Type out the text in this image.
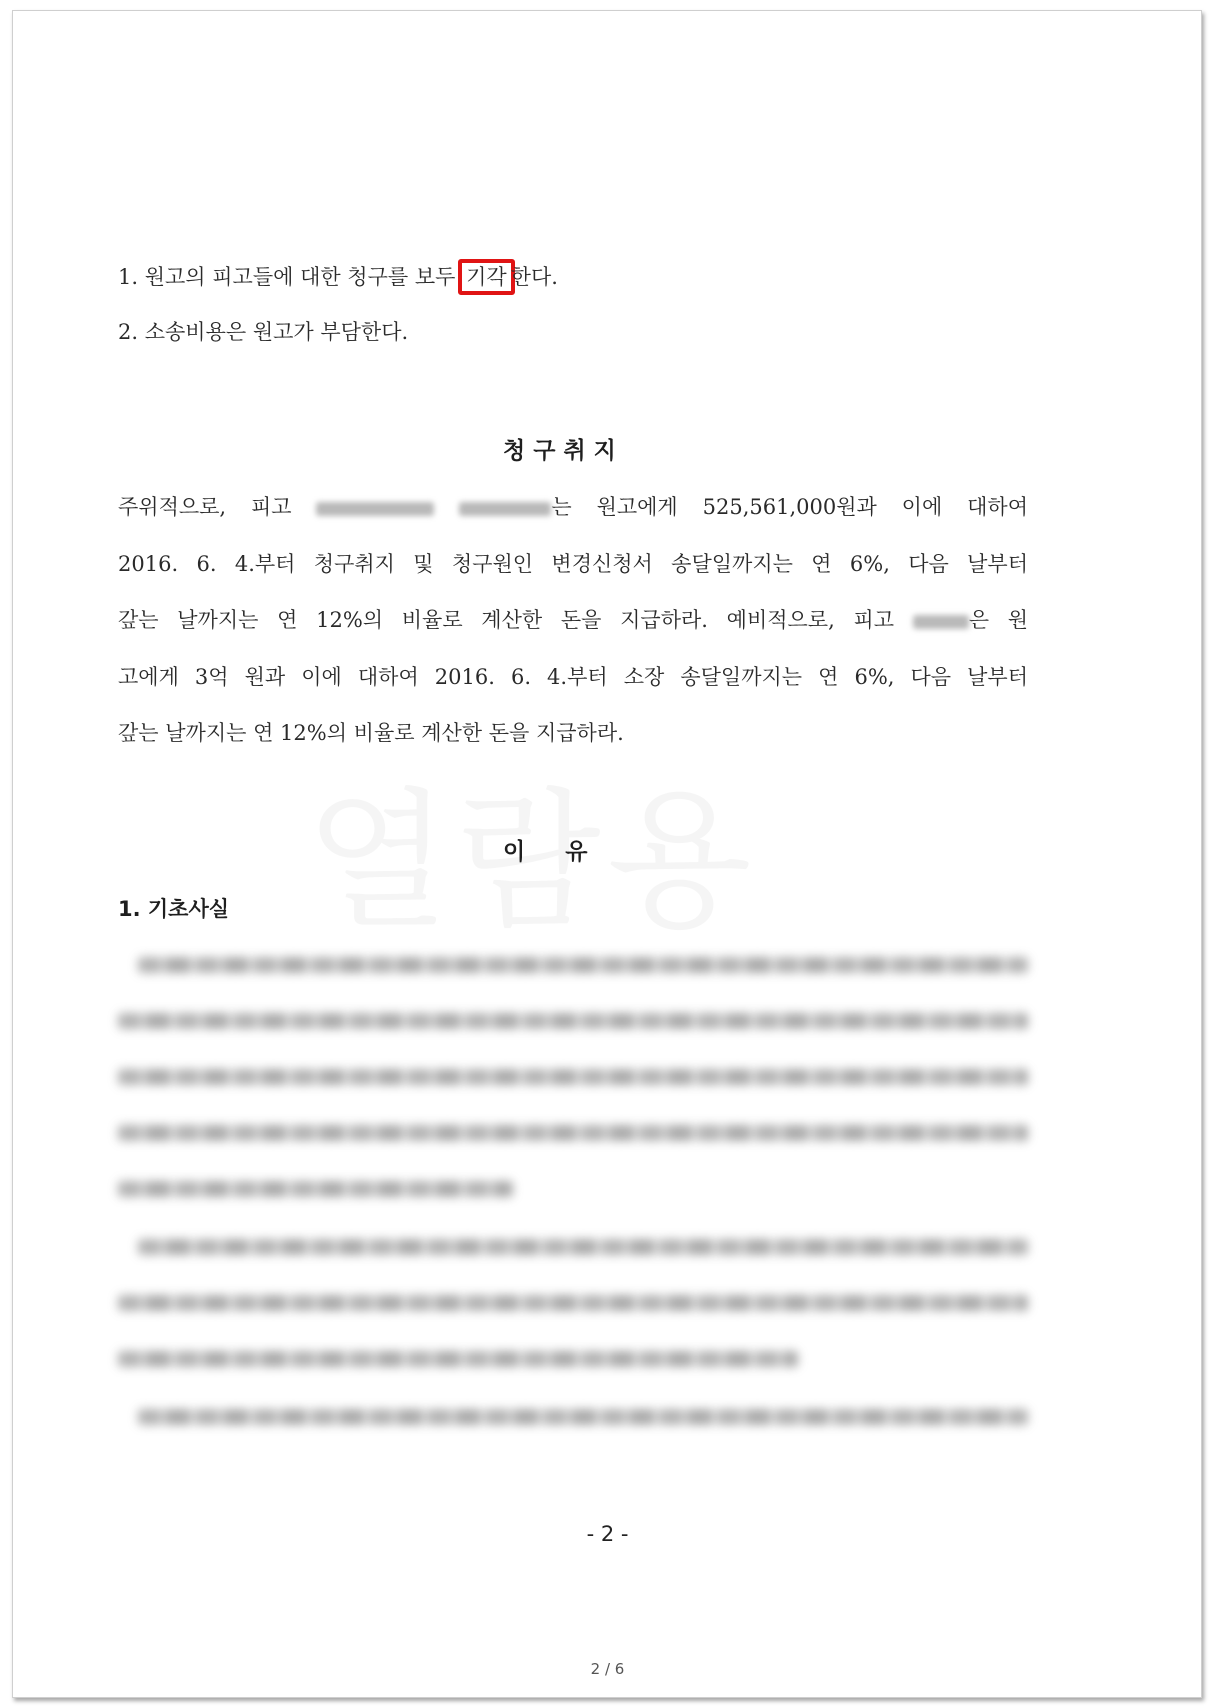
1. 원고의 피고들에 대한 청구를 보두 기각 한다.
2. 소송비용은 원고가 부담한다.
청 구 취 지
주위적으로, 피고	는 원고에게 525,561,000원과 이에 대하여
2016. 6. 4.부터 청구취지 및 청구원인 변경신청서 송달일까지는 연 6%, 다음 날부터
갚는 날까지는 연 12%의 비율로 계산한 돈을 지급하라. 예비적으로, 피고	은 원
고에게 3억 원과 이에 대하여 2016. 6. 4.부터 소장 송달일까지는 연 6%, 다음 날부터
갚는 날까지는 연 12%의 비율로 계산한 돈을 지급하라.
이     유
1. 기초사실
- 2 -
2 / 6
